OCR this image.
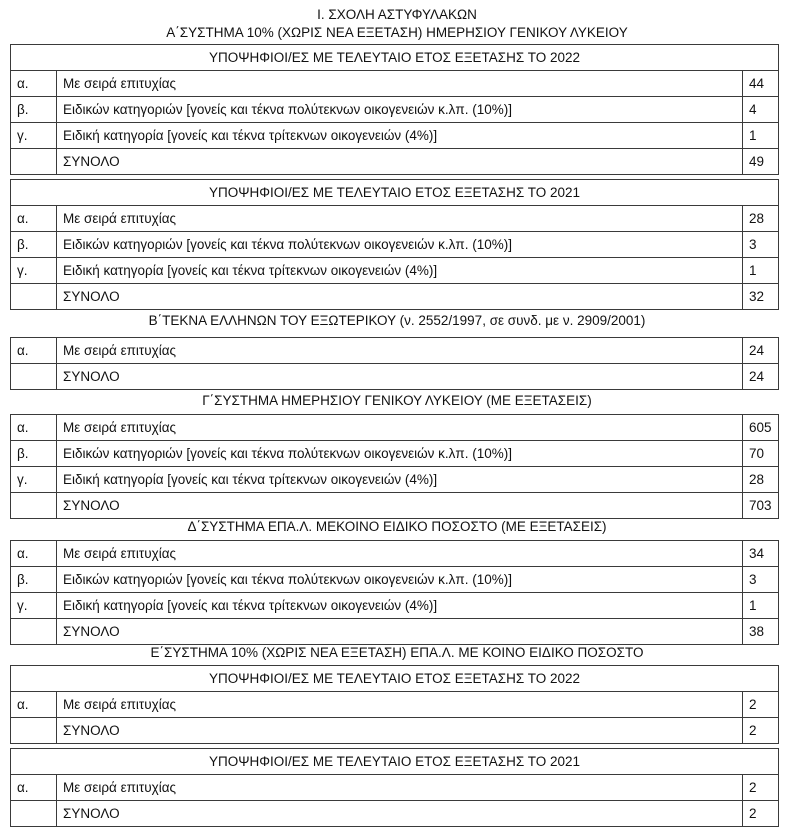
I. ΣΧΟΛΗ ΑΣΤΥΦΥΛΑΚΩΝ
Α΄ΣΥΣΤΗΜΑ 10% (ΧΩΡΙΣ ΝΕΑ ΕΞΕΤΑΣΗ) ΗΜΕΡΗΣΙΟΥ ΓΕΝΙΚΟΥ ΛΥΚΕΙΟΥ
ΥΠΟΨΗΦΙΟΙ/ΕΣ ΜΕ ΤΕΛΕΥΤΑΙΟ ΕΤΟΣ ΕΞΕΤΑΣΗΣ ΤΟ 2022
α.	Με σειρά επιτυχίας	44
β.	Ειδικών κατηγοριών [γονείς και τέκνα πολύτεκνων οικογενειών κ.λπ. (10%)]	4
γ.	Ειδική κατηγορία [γονείς και τέκνα τρίτεκνων οικογενειών (4%)]	1
ΣΥΝΟΛΟ	49
ΥΠΟΨΗΦΙΟΙ/ΕΣ ΜΕ ΤΕΛΕΥΤΑΙΟ ΕΤΟΣ ΕΞΕΤΑΣΗΣ ΤΟ 2021
α.	Με σειρά επιτυχίας	28
β.	Ειδικών κατηγοριών [γονείς και τέκνα πολύτεκνων οικογενειών κ.λπ. (10%)]	3
γ.	Ειδική κατηγορία [γονείς και τέκνα τρίτεκνων οικογενειών (4%)]	1
ΣΥΝΟΛΟ	32
Β΄ΤΕΚΝΑ ΕΛΛΗΝΩΝ ΤΟΥ ΕΞΩΤΕΡΙΚΟΥ (ν. 2552/1997, σε συνδ. με ν. 2909/2001)
α.	Με σειρά επιτυχίας	24
ΣΥΝΟΛΟ	24
Γ΄ΣΥΣΤΗΜΑ ΗΜΕΡΗΣΙΟΥ ΓΕΝΙΚΟΥ ΛΥΚΕΙΟΥ (ΜΕ ΕΞΕΤΑΣΕΙΣ)
α.	Με σειρά επιτυχίας	605
β.	Ειδικών κατηγοριών [γονείς και τέκνα πολύτεκνων οικογενειών κ.λπ. (10%)]	70
γ.	Ειδική κατηγορία [γονείς και τέκνα τρίτεκνων οικογενειών (4%)]	28
ΣΥΝΟΛΟ	703
Δ΄ΣΥΣΤΗΜΑ ΕΠΑ.Λ. ΜΕΚΟΙΝΟ ΕΙΔΙΚΟ ΠΟΣΟΣΤΟ (ΜΕ ΕΞΕΤΑΣΕΙΣ)
α.	Με σειρά επιτυχίας	34
β.	Ειδικών κατηγοριών [γονείς και τέκνα πολύτεκνων οικογενειών κ.λπ. (10%)]	3
γ.	Ειδική κατηγορία [γονείς και τέκνα τρίτεκνων οικογενειών (4%)]	1
ΣΥΝΟΛΟ	38
Ε΄ΣΥΣΤΗΜΑ 10% (ΧΩΡΙΣ ΝΕΑ ΕΞΕΤΑΣΗ) ΕΠΑ.Λ. ΜΕ ΚΟΙΝΟ ΕΙΔΙΚΟ ΠΟΣΟΣΤΟ
ΥΠΟΨΗΦΙΟΙ/ΕΣ ΜΕ ΤΕΛΕΥΤΑΙΟ ΕΤΟΣ ΕΞΕΤΑΣΗΣ ΤΟ 2022
α.	Με σειρά επιτυχίας	2
ΣΥΝΟΛΟ	2
ΥΠΟΨΗΦΙΟΙ/ΕΣ ΜΕ ΤΕΛΕΥΤΑΙΟ ΕΤΟΣ ΕΞΕΤΑΣΗΣ ΤΟ 2021
α.	Με σειρά επιτυχίας	2
ΣΥΝΟΛΟ	2
